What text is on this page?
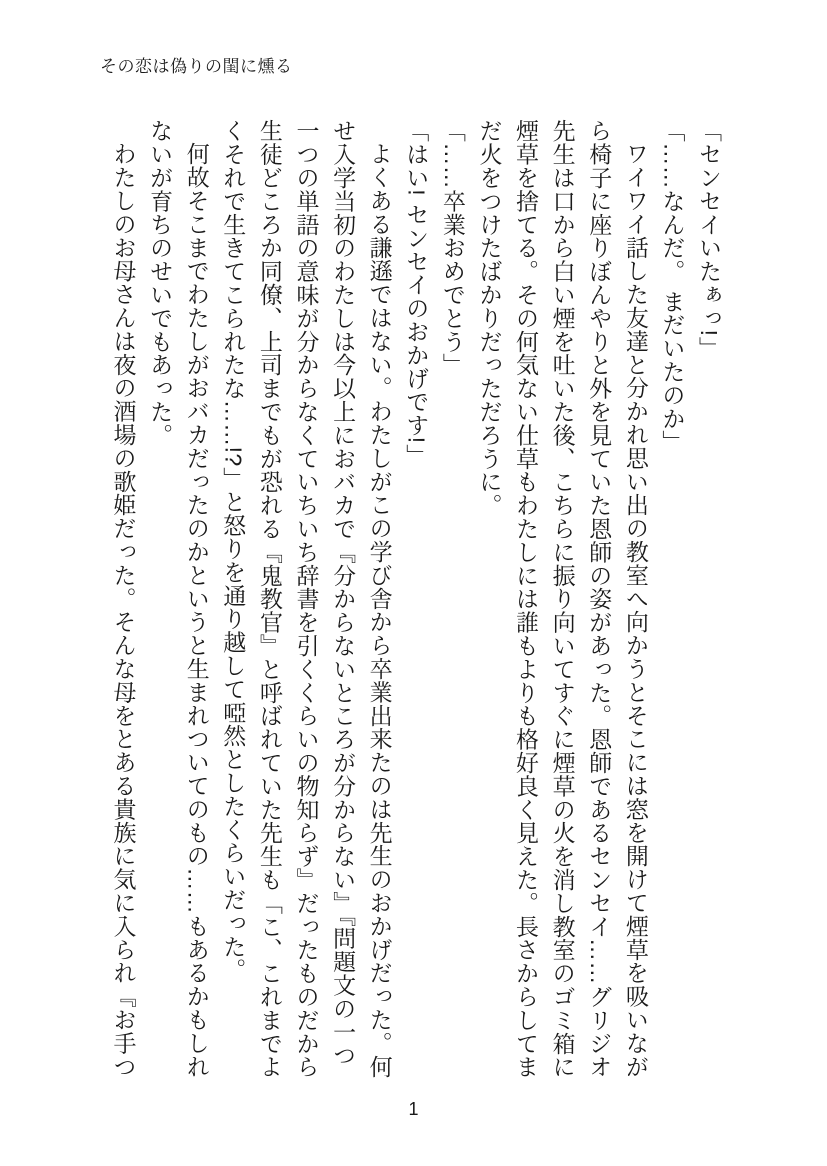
その恋は偽りの閨に燻る

「センセイいたぁっ!」

「……なんだ。 まだいたのか」

ワイワイ話した友達と分かれ思い出の教室へ向かうとそこには窓を開けて煙草を吸いなが

ら椅子に座りぼんやりと外を見ていた恩師の姿があった。恩師であるセンセイ……グリジオ

先生は口から白い煙を吐いた後、こちらに振り向いてすぐに煙草の火を消し教室のゴミ箱に

煙草を捨てる。その何気ない仕草もわたしには誰もよりも格好良く見えた。長さからしてま

だ火をつけたばかりだっただろうに。

「……卒業おめでとう」

「はい! センセイのおかげです!」

よくある謙遜ではない。わたしがこの学び舎から卒業出来たのは先生のおかげだった。何

せ入学当初のわたしは今以上におバカで『分からないところが分からない』『問題文の一つ

一つの単語の意味が分からなくていちいち辞書を引くくらいの物知らず』だったものだから

生徒どころか同僚、上司までもが恐れる『鬼教官』と呼ばれていた先生も「こ、これまでよ

くそれで生きてこられたな……!?」と怒りを通り越して啞然としたくらいだった。

何故そこまでわたしがおバカだったのかというと生まれついてのもの……もあるかもしれ

ないが育ちのせいでもあった。

わたしのお母さんは夜の酒場の歌姫だった。そんな母をとある貴族に気に入られ『お手つ

1
